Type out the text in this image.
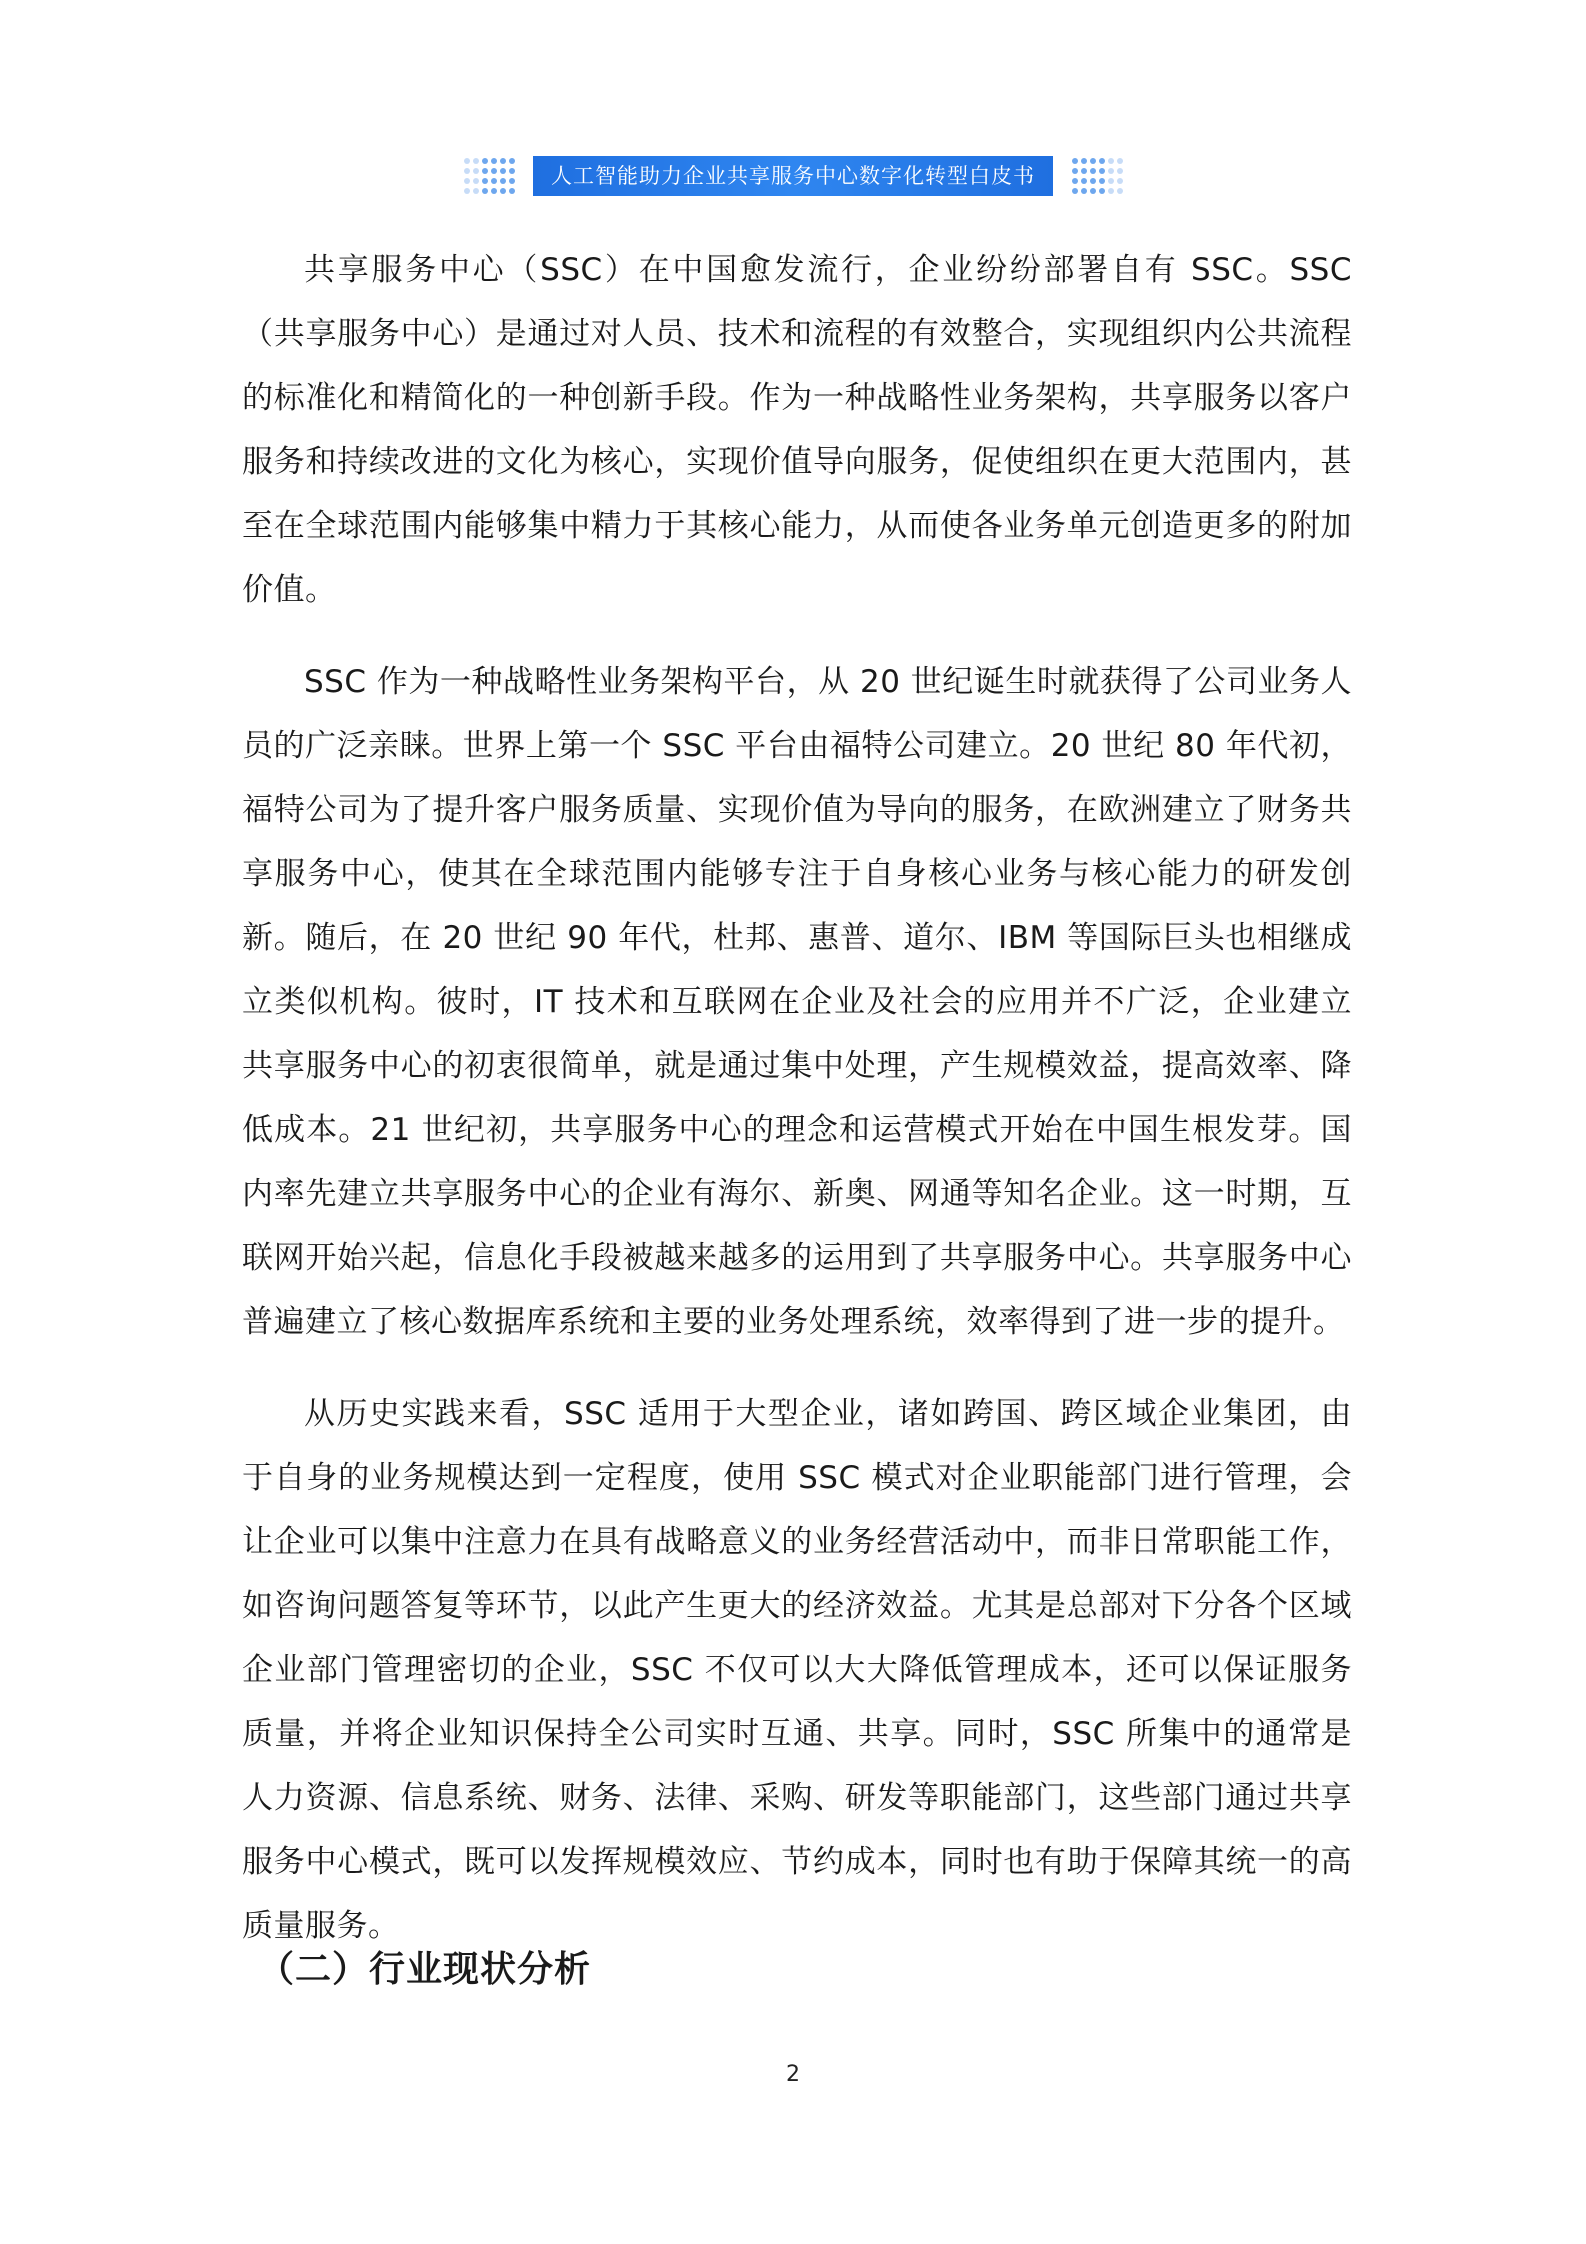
人工智能助力企业共享服务中心数字化转型白皮书

共享服务中心（SSC）在中国愈发流行，企业纷纷部署自有 SSC。SSC（共享服务中心）是通过对人员、技术和流程的有效整合，实现组织内公共流程的标准化和精简化的一种创新手段。作为一种战略性业务架构，共享服务以客户服务和持续改进的文化为核心，实现价值导向服务，促使组织在更大范围内，甚至在全球范围内能够集中精力于其核心能力，从而使各业务单元创造更多的附加价值。

SSC 作为一种战略性业务架构平台，从 20 世纪诞生时就获得了公司业务人员的广泛亲睐。世界上第一个 SSC 平台由福特公司建立。20 世纪 80 年代初，福特公司为了提升客户服务质量、实现价值为导向的服务，在欧洲建立了财务共享服务中心，使其在全球范围内能够专注于自身核心业务与核心能力的研发创新。随后，在 20 世纪 90 年代，杜邦、惠普、道尔、IBM 等国际巨头也相继成立类似机构。彼时，IT 技术和互联网在企业及社会的应用并不广泛，企业建立共享服务中心的初衷很简单，就是通过集中处理，产生规模效益，提高效率、降低成本。21 世纪初，共享服务中心的理念和运营模式开始在中国生根发芽。国内率先建立共享服务中心的企业有海尔、新奥、网通等知名企业。这一时期，互联网开始兴起，信息化手段被越来越多的运用到了共享服务中心。共享服务中心普遍建立了核心数据库系统和主要的业务处理系统，效率得到了进一步的提升。

从历史实践来看，SSC 适用于大型企业，诸如跨国、跨区域企业集团，由于自身的业务规模达到一定程度，使用 SSC 模式对企业职能部门进行管理，会让企业可以集中注意力在具有战略意义的业务经营活动中，而非日常职能工作，如咨询问题答复等环节，以此产生更大的经济效益。尤其是总部对下分各个区域企业部门管理密切的企业，SSC 不仅可以大大降低管理成本，还可以保证服务质量，并将企业知识保持全公司实时互通、共享。同时，SSC 所集中的通常是人力资源、信息系统、财务、法律、采购、研发等职能部门，这些部门通过共享服务中心模式，既可以发挥规模效应、节约成本，同时也有助于保障其统一的高质量服务。

（二）行业现状分析
2
